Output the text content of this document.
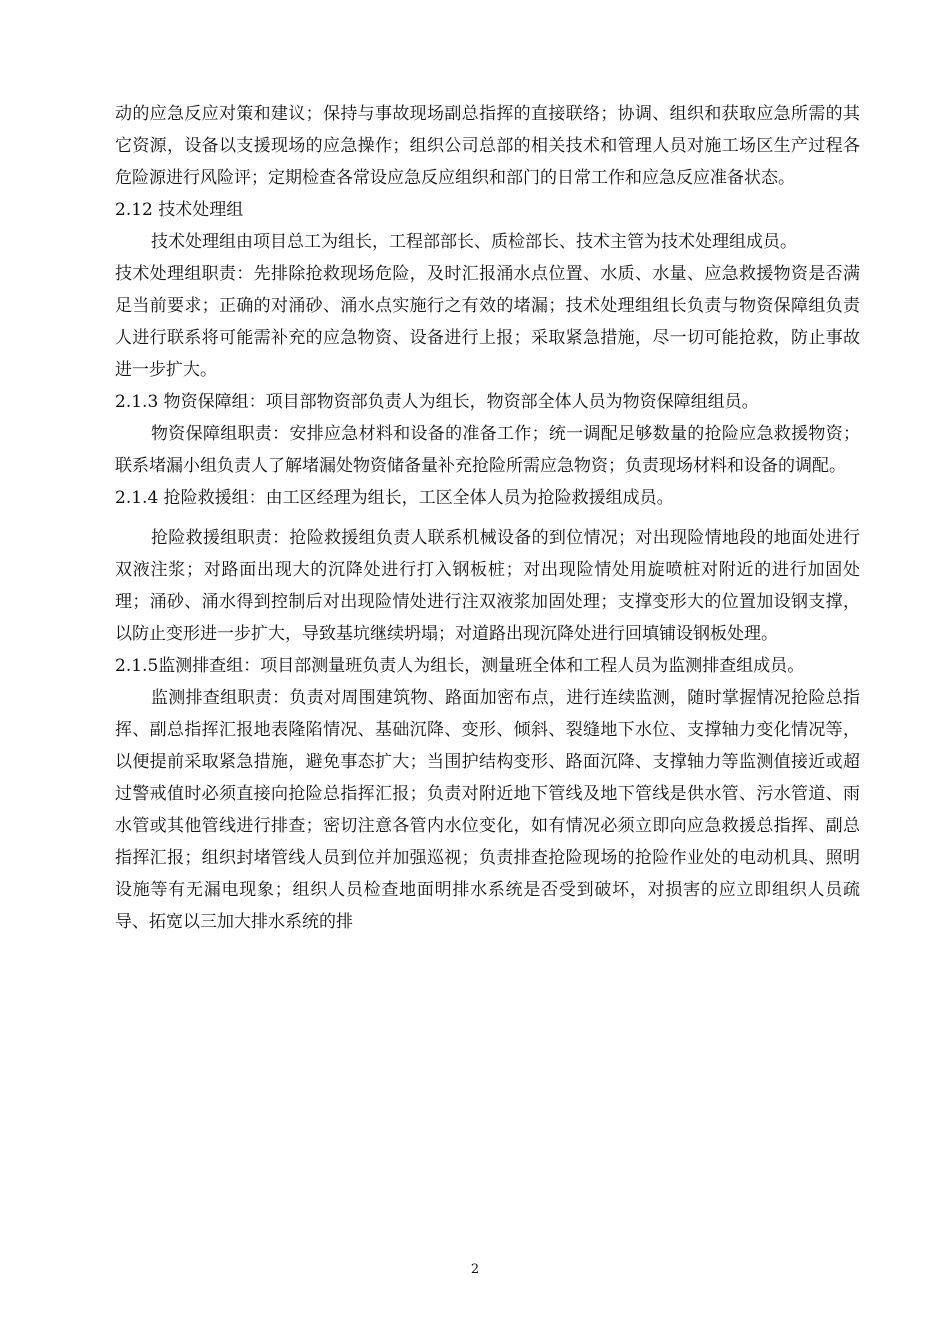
动的应急反应对策和建议；保持与事故现场副总指挥的直接联络；协调、组织和获取应急所需的其它资源，设备以支援现场的应急操作；组织公司总部的相关技术和管理人员对施工场区生产过程各危险源进行风险评；定期检查各常设应急反应组织和部门的日常工作和应急反应准备状态。

2.12 技术处理组

技术处理组由项目总工为组长，工程部部长、质检部长、技术主管为技术处理组成员。

技术处理组职责：先排除抢救现场危险，及时汇报涌水点位置、水质、水量、应急救援物资是否满足当前要求；正确的对涌砂、涌水点实施行之有效的堵漏；技术处理组组长负责与物资保障组负责人进行联系将可能需补充的应急物资、设备进行上报；采取紧急措施，尽一切可能抢救，防止事故进一步扩大。

2.1.3 物资保障组：项目部物资部负责人为组长，物资部全体人员为物资保障组组员。

物资保障组职责：安排应急材料和设备的准备工作；统一调配足够数量的抢险应急救援物资；联系堵漏小组负责人了解堵漏处物资储备量补充抢险所需应急物资；负责现场材料和设备的调配。

2.1.4 抢险救援组：由工区经理为组长，工区全体人员为抢险救援组成员。

抢险救援组职责：抢险救援组负责人联系机械设备的到位情况；对出现险情地段的地面处进行双液注浆；对路面出现大的沉降处进行打入钢板桩；对出现险情处用旋喷桩对附近的进行加固处理；涌砂、涌水得到控制后对出现险情处进行注双液浆加固处理；支撑变形大的位置加设钢支撑，以防止变形进一步扩大，导致基坑继续坍塌；对道路出现沉降处进行回填铺设钢板处理。

2.1.5监测排查组：项目部测量班负责人为组长，测量班全体和工程人员为监测排查组成员。

监测排查组职责：负责对周围建筑物、路面加密布点，进行连续监测，随时掌握情况抢险总指挥、副总指挥汇报地表隆陷情况、基础沉降、变形、倾斜、裂缝地下水位、支撑轴力变化情况等，以便提前采取紧急措施，避免事态扩大；当围护结构变形、路面沉降、支撑轴力等监测值接近或超过警戒值时必须直接向抢险总指挥汇报；负责对附近地下管线及地下管线是供水管、污水管道、雨水管或其他管线进行排查；密切注意各管内水位变化，如有情况必须立即向应急救援总指挥、副总指挥汇报；组织封堵管线人员到位并加强巡视；负责排查抢险现场的抢险作业处的电动机具、照明设施等有无漏电现象；组织人员检查地面明排水系统是否受到破坏，对损害的应立即组织人员疏导、拓宽以三加大排水系统的排

2
